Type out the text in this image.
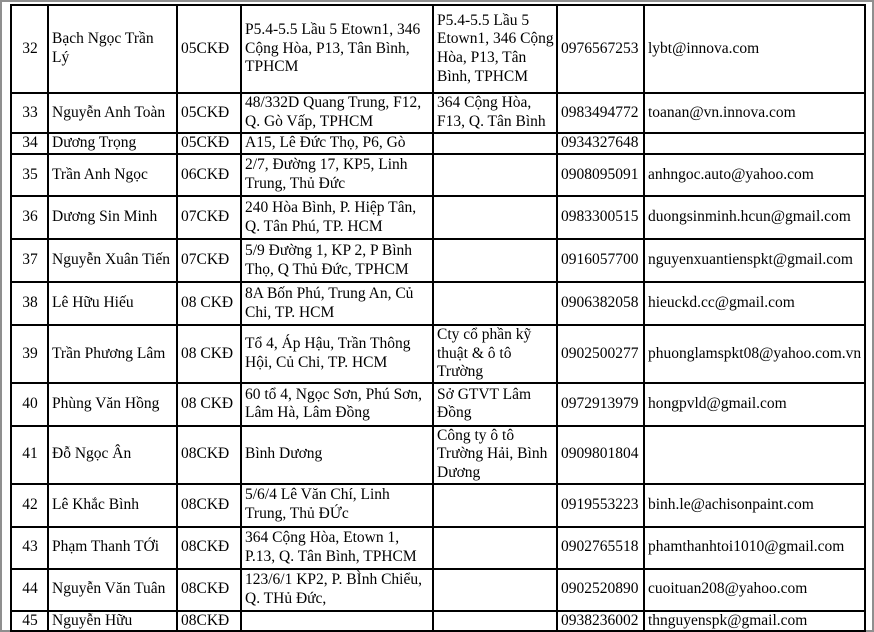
32	Bạch Ngọc Trần Lý	05CKĐ	P5.4-5.5 Lầu 5 Etown1, 346 Cộng Hòa, P13, Tân Bình, TPHCM	P5.4-5.5 Lầu 5 Etown1, 346 Cộng Hòa, P13, Tân Bình, TPHCM	0976567253	lybt@innova.com
33	Nguyễn Anh Toàn	05CKĐ	48/332D Quang Trung, F12, Q. Gò Vấp, TPHCM	364 Cộng Hòa, F13, Q. Tân Bình	0983494772	toanan@vn.innova.com
34	Dương Trọng	05CKĐ	A15, Lê Đức Thọ, P6, Gò		0934327648	
35	Trần Anh Ngọc	06CKĐ	2/7, Đường 17, KP5, Linh Trung, Thủ Đức		0908095091	anhngoc.auto@yahoo.com
36	Dương Sin Minh	07CKĐ	240 Hòa Bình, P. Hiệp Tân, Q. Tân Phú, TP. HCM		0983300515	duongsinminh.hcun@gmail.com
37	Nguyễn Xuân Tiến	07CKĐ	5/9 Đường 1, KP 2, P Bình Thọ, Q Thủ Đức, TPHCM		0916057700	nguyenxuantienspkt@gmail.com
38	Lê Hữu Hiếu	08 CKĐ	8A Bốn Phú, Trung An, Củ Chi, TP. HCM		0906382058	hieuckd.cc@gmail.com
39	Trần Phương Lâm	08 CKĐ	Tổ 4, Áp Hậu, Trần Thông Hội, Củ Chi, TP. HCM	Cty cổ phần kỹ thuật & ô tô Trường	0902500277	phuonglamspkt08@yahoo.com.vn
40	Phùng Văn Hồng	08 CKĐ	60 tổ 4, Ngọc Sơn, Phú Sơn, Lâm Hà, Lâm Đồng	Sở GTVT Lâm Đồng	0972913979	hongpvld@gmail.com
41	Đỗ Ngọc Ân	08CKĐ	Bình Dương	Công ty ô tô Trường Hải, Bình Dương	0909801804	
42	Lê Khắc Bình	08CKĐ	5/6/4 Lê Văn Chí, Linh Trung, Thủ ĐỨc		0919553223	binh.le@achisonpaint.com
43	Phạm Thanh TỚi	08CKĐ	364 Cộng Hòa, Etown 1, P.13, Q. Tân Bình, TPHCM		0902765518	phamthanhtoi1010@gmail.com
44	Nguyễn Văn Tuân	08CKĐ	123/6/1 KP2, P. BÌnh Chiểu, Q. THủ Đức,		0902520890	cuoituan208@yahoo.com
45	Nguyễn Hữu	08CKĐ			0938236002	thnguyenspk@gmail.com
